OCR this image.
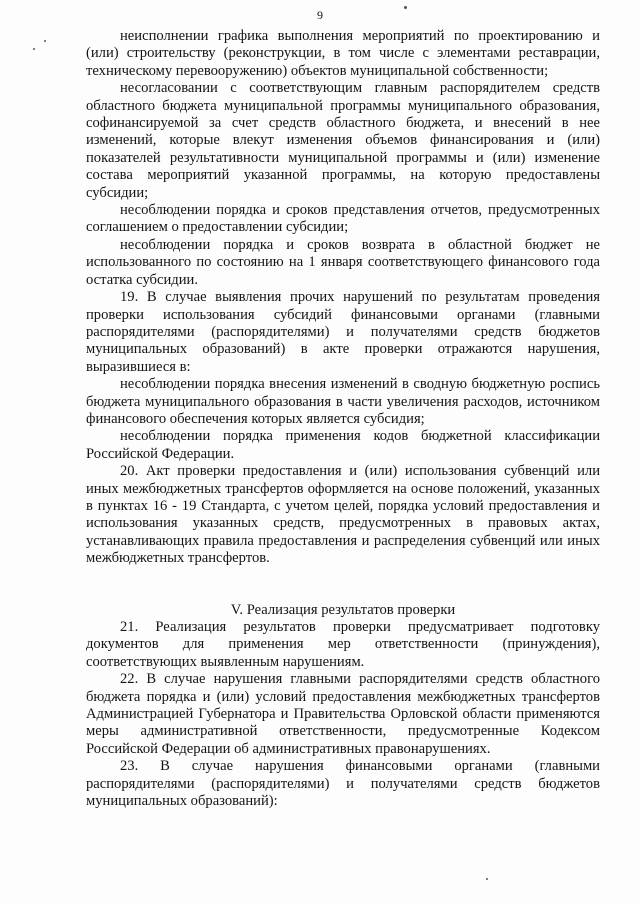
9

неисполнении графика выполнения мероприятий по проектированию и (или) строительству (реконструкции, в том числе с элементами реставрации, техническому перевооружению) объектов муниципальной собственности;

несогласовании с соответствующим главным распорядителем средств областного бюджета муниципальной программы муниципального образования, софинансируемой за счет средств областного бюджета, и внесений в нее изменений, которые влекут изменения объемов финансирования и (или) показателей результативности муниципальной программы и (или) изменение состава мероприятий указанной программы, на которую предоставлены субсидии;

несоблюдении порядка и сроков представления отчетов, предусмотренных соглашением о предоставлении субсидии;

несоблюдении порядка и сроков возврата в областной бюджет не использованного по состоянию на 1 января соответствующего финансового года остатка субсидии.

19. В случае выявления прочих нарушений по результатам проведения проверки использования субсидий финансовыми органами (главными распорядителями (распорядителями) и получателями средств бюджетов муниципальных образований) в акте проверки отражаются нарушения, выразившиеся в:

несоблюдении порядка внесения изменений в сводную бюджетную роспись бюджета муниципального образования в части увеличения расходов, источником финансового обеспечения которых является субсидия;

несоблюдении порядка применения кодов бюджетной классификации Российской Федерации.

20. Акт проверки предоставления и (или) использования субвенций или иных межбюджетных трансфертов оформляется на основе положений, указанных в пунктах 16 - 19 Стандарта, с учетом целей, порядка условий предоставления и использования указанных средств, предусмотренных в правовых актах, устанавливающих правила предоставления и распределения субвенций или иных межбюджетных трансфертов.

V. Реализация результатов проверки

21. Реализация результатов проверки предусматривает подготовку документов для применения мер ответственности (принуждения), соответствующих выявленным нарушениям.

22. В случае нарушения главными распорядителями средств областного бюджета порядка и (или) условий предоставления межбюджетных трансфертов Администрацией Губернатора и Правительства Орловской области применяются меры административной ответственности, предусмотренные Кодексом Российской Федерации об административных правонарушениях.

23. В случае нарушения финансовыми органами (главными распорядителями (распорядителями) и получателями средств бюджетов муниципальных образований):
